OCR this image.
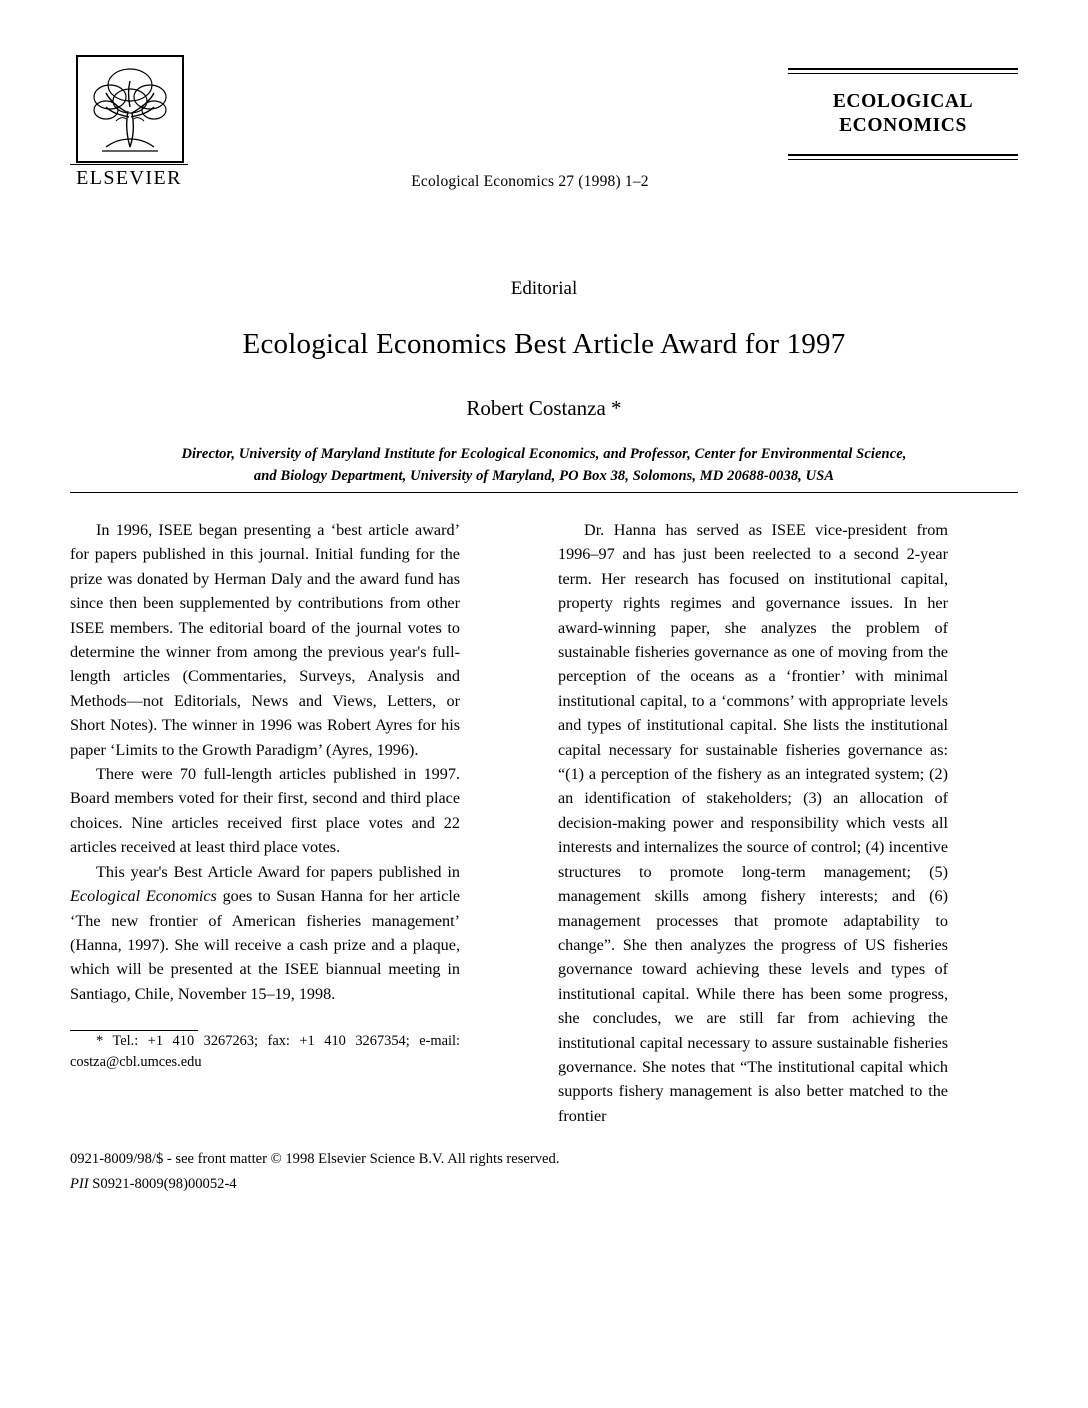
ELSEVIER	Ecological Economics 27 (1998) 1–2
ECOLOGICAL
ECONOMICS
Editorial
Ecological Economics Best Article Award for 1997
Robert Costanza *
Director, University of Maryland Institute for Ecological Economics, and Professor, Center for Environmental Science,
and Biology Department, University of Maryland, PO Box 38, Solomons, MD 20688-0038, USA

In 1996, ISEE began presenting a ‘best article award’ for papers published in this journal. Initial funding for the prize was donated by Herman Daly and the award fund has since then been supplemented by contributions from other ISEE members. The editorial board of the journal votes to determine the winner from among the previous year's full-length articles (Commentaries, Surveys, Analysis and Methods—not Editorials, News and Views, Letters, or Short Notes). The winner in 1996 was Robert Ayres for his paper ‘Limits to the Growth Paradigm’ (Ayres, 1996).

There were 70 full-length articles published in 1997. Board members voted for their first, second and third place choices. Nine articles received first place votes and 22 articles received at least third place votes.

This year's Best Article Award for papers published in Ecological Economics goes to Susan Hanna for her article ‘The new frontier of American fisheries management’ (Hanna, 1997). She will receive a cash prize and a plaque, which will be presented at the ISEE biannual meeting in Santiago, Chile, November 15–19, 1998.

* Tel.: +1 410 3267263; fax: +1 410 3267354; e-mail: costza@cbl.umces.edu

Dr. Hanna has served as ISEE vice-president from 1996–97 and has just been reelected to a second 2-year term. Her research has focused on institutional capital, property rights regimes and governance issues. In her award-winning paper, she analyzes the problem of sustainable fisheries governance as one of moving from the perception of the oceans as a ‘frontier’ with minimal institutional capital, to a ‘commons’ with appropriate levels and types of institutional capital. She lists the institutional capital necessary for sustainable fisheries governance as: “(1) a perception of the fishery as an integrated system; (2) an identification of stakeholders; (3) an allocation of decision-making power and responsibility which vests all interests and internalizes the source of control; (4) incentive structures to promote long-term management; (5) management skills among fishery interests; and (6) management processes that promote adaptability to change”. She then analyzes the progress of US fisheries governance toward achieving these levels and types of institutional capital. While there has been some progress, she concludes, we are still far from achieving the institutional capital necessary to assure sustainable fisheries governance. She notes that “The institutional capital which supports fishery management is also better matched to the frontier

0921-8009/98/$ - see front matter © 1998 Elsevier Science B.V. All rights reserved.
PII S0921-8009(98)00052-4
